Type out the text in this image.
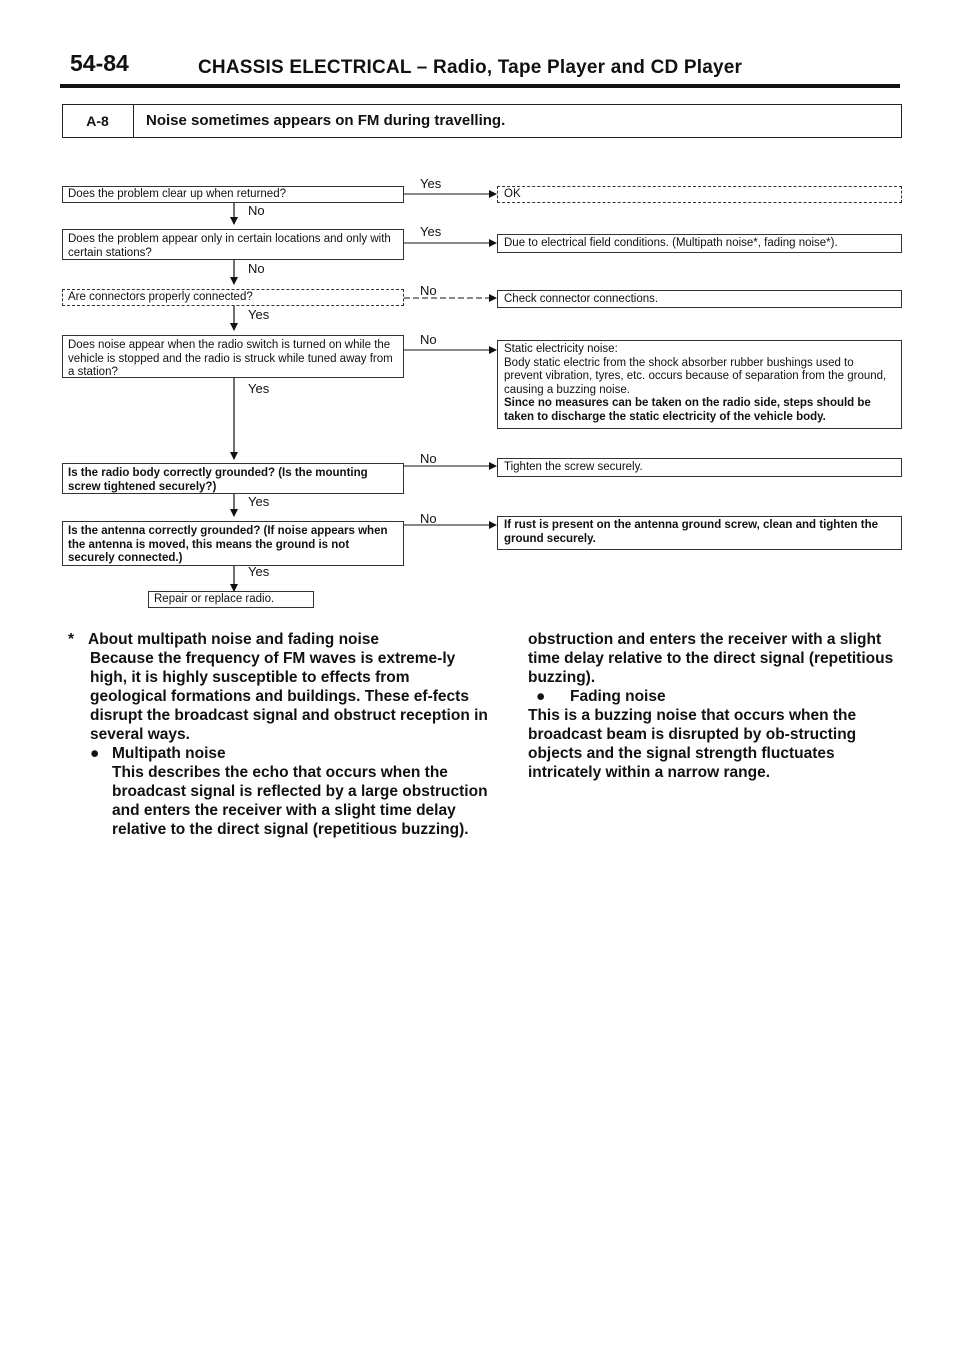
54-84	CHASSIS ELECTRICAL – Radio, Tape Player and CD Player
A-8	Noise sometimes appears on FM during travelling.
Does the problem clear up when returned?
Does the problem appear only in certain locations and only with certain stations?
Are connectors properly connected?
Does noise appear when the radio switch is turned on while the vehicle is stopped and the radio is struck while tuned away from a station?
Is the radio body correctly grounded? (Is the mounting screw tightened securely?)
Is the antenna correctly grounded? (If noise appears when the antenna is moved, this means the ground is not securely connected.)
Repair or replace radio.
OK
Due to electrical field conditions. (Multipath noise*, fading noise*).
Check connector connections.
Static electricity noise:
Body static electric from the shock absorber rubber bushings used to prevent vibration, tyres, etc. occurs because of separation from the ground, causing a buzzing noise.
Since no measures can be taken on the radio side, steps should be taken to discharge the static electricity of the vehicle body.
Tighten the screw securely.
If rust is present on the antenna ground screw, clean and tighten the ground securely.
Yes
Yes
No
No
No
No
No
No
Yes
Yes
Yes
Yes

* About multipath noise and fading noise

Because the frequency of FM waves is extreme-ly high, it is highly susceptible to effects from geological formations and buildings. These ef-fects disrupt the broadcast signal and obstruct reception in several ways.

● Multipath noise

This describes the echo that occurs when the broadcast signal is reflected by a large obstruction and enters the receiver with a slight time delay relative to the direct signal (repetitious buzzing).

obstruction and enters the receiver with a slight time delay relative to the direct signal (repetitious buzzing).

●	Fading noise

This is a buzzing noise that occurs when the broadcast beam is disrupted by ob-structing objects and the signal strength fluctuates intricately within a narrow range.
